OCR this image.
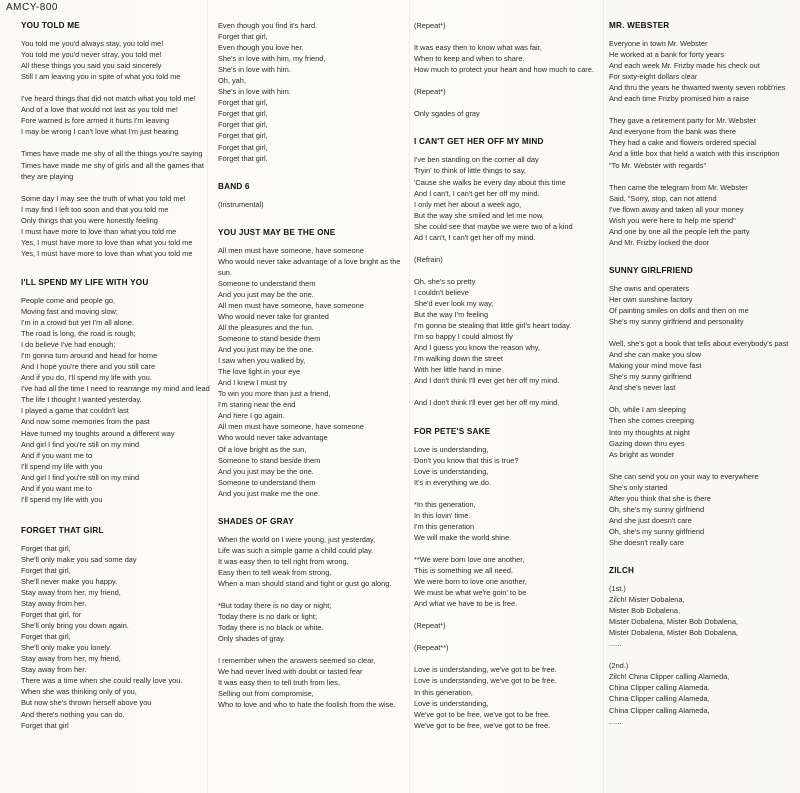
AMCY-800
YOU TOLD ME
You told me you'd always stay, you told me!
You told me you'd never stray, you told me!
All these things you said you said sincerely
Still I am leaving you in spite of what you told me
I've heard things that did not match what you told me!
And of a love that would not last as you told me!
Fore warned is fore armed it hurts I'm leaving
I may be wrong I can't love what I'm just hearing
Times have made me shy of all the things you're saying
Times have made me shy of girls and all the games that
they are playing
Some day I may see the truth of what you told me!
I may find I left too soon and that you told me
Only things that you were honestly feeling
I must have more to love than what you told me
Yes, I must have more to love than what you told me
Yes, I must have more to love than what you told me
I'LL SPEND MY LIFE WITH YOU
People come and people go,
Moving fast and moving slow;
I'm in a crowd but yet I'm all alone.
The road is long, the road is rough;
I do believe I've had enough;
I'm gonna turn around and head for home
And I hope you're there and you still care
And if you do, I'll spend my life with you.
I've had all the time I need to rearrange my mind and lead
The life I thought I wanted yesterday.
I played a game that couldn't last
And now some memories from the past
Have turned my toughts around a different way
And girl I find you're still on my mind
And if you want me to
I'll spend my life with you
And girl I find you're still on my mind
And if you want me to
I'll spend my life with you
FORGET THAT GIRL
Forget that girl,
She'll only make you sad some day
Forget that girl,
She'll never make you happy.
Stay away from her, my friend,
Stay away from her.
Forget that girl, for
She'll only bring you down again.
Forget that girl,
She'll only make you lonely.
Stay away from her, my friend,
Stay away from her.
There was a time when she could really love you.
When she was thinking only of you,
But now she's thrown herself above you
And there's nothing you can do.
Forget that girl
Even though you find it's hard.
Forget that girl,
Even though you love her.
She's in love with him, my friend,
She's in love with him.
Oh, yah,
She's in love with him.
Forget that girl,
Forget that girl,
Forget that girl,
Forget that girl,
Forget that girl,
Forget that girl.
BAND 6
(Instrumental)
YOU JUST MAY BE THE ONE
All men must have someone, have someone
Who would never take advantage of a love bright as the
sun.
Someone to understand them
And you just may be the one.
All men must have someone, have someone
Who would never take for granted
All the pleasures and the fun.
Someone to stand beside them
And you just may be the one.
I saw when you walked by,
The love light in your eye
And I knew I must try
To win you more than just a friend,
I'm staring near the end
And here I go again.
All men must have someone, have someone
Who would never take advantage
Of a love bright as the sun,
Someone to stand beside them
And you just may be the one.
Someone to understand them
And you just make me the one.
SHADES OF GRAY
When the world on I were young, just yesterday,
Life was such a simple game a child could play.
It was easy then to tell right from wrong,
Easy then to tell weak from strong,
When a man should stand and fight or gust go along.
*But today there is no day or night;
Today there is no dark or light;
Today there is no black or white.
Only shades of gray.
I remember when the answers seemed so clear,
We had never lived with doubt or tasted fear
It was easy then to tell truth from lies,
Selling out from compromise,
Who to love and who to hate the foolish from the wise.
(Repeat*)
It was easy then to know what was fair,
When to keep and when to share.
How much to protect your heart and how much to care.
(Repeat*)
Only sgades of gray
I CAN'T GET HER OFF MY MIND
I've ben standing on the corner all day
Tryin' to think of little things to say,
'Cause she walks be every day about this time
And I can't, I can't get her off my mind.
I only met her about a week ago,
But the way she smiled and let me now,
She could see that maybe we were two of a kind
Ad I can't, I can't get her off my mind.
(Refrain)
Oh, she's so pretty
I couldn't believe
She'd ever look my way,
But the way I'm feeling
I'm gonna be stealing that little girl's heart today.
I'm so happy I could almost fly
And I guess you know the reason why,
I'm walking down the street
With her little hand in mine
And I don't think I'll ever get her off my mind.
And I don't think I'll ever get her off my mind.
FOR PETE'S SAKE
Love is understanding,
Don't you know that this is true?
Love is understanding,
It's in everything we do.
*In this generation,
In this lovin' time.
I'm this generation
We will make the world shine.
**We were born love one another,
This is something we all need.
We were born to love one another,
We must be what we're goin' to be
And what we have to be is free.
(Repeat*)
(Repeat**)
Love is understanding, we've got to be free.
Love is understanding, we've got to be free.
In this generation,
Love is understanding,
We've got to be free, we've got to be free.
We've got to be free, we've got to be free.
MR. WEBSTER
Everyone in town Mr. Webster
He worked at a bank for forty years
And each week Mr. Frizby made his check out
For sixty-eight dollars clear
And thru the years he thwarted twenty seven robb'ries
And each time Frizby promised him a raise
They gave a retirement party for Mr. Webster
And everyone from the bank was there
They had a cake and flowers ordered special
And a little box that held a watch with this inscription
"To Mr. Webster with regards"
Then came the telegram from Mr. Webster
Said, "Sorry, stop, can not attend
I've flown away and taken all your money
Wish you were here to help me spend"
And one by one all the people left the party
And Mr. Frizby locked the door
SUNNY GIRLFRIEND
She owns and operaters
Her own sunshine factory
Of painting smiles on dolls and then on me
She's my sunny girlfriend and personality
Well, she's got a book that tells about everybody's past
And she can make you slow
Making your mind move fast
She's my sunny girlfriend
And she's never last
Oh, while I am sleeping
Then she comes creeping
Into my thoughts at night
Gazing down thru eyes
As bright as wonder
She can send you on your way to everywhere
She's only started
After you think that she is there
Oh, she's my sunny girlfriend
And she just doesn't care
Oh, she's my sunny girlfriend
She doesn't really care
ZILCH
(1st.)
Zilch! Mister Dobalena,
Mister Bob Dobalena,
Mister Dobalena, Mister Bob Dobalena,
Mister Dobalena, Mister Bob Dobalena,
......
(2nd.)
Zilch! China Clipper calling Alameda,
China Clipper calling Alameda.
China Clipper calling Alameda,
China Clipper calling Alameda,
......
